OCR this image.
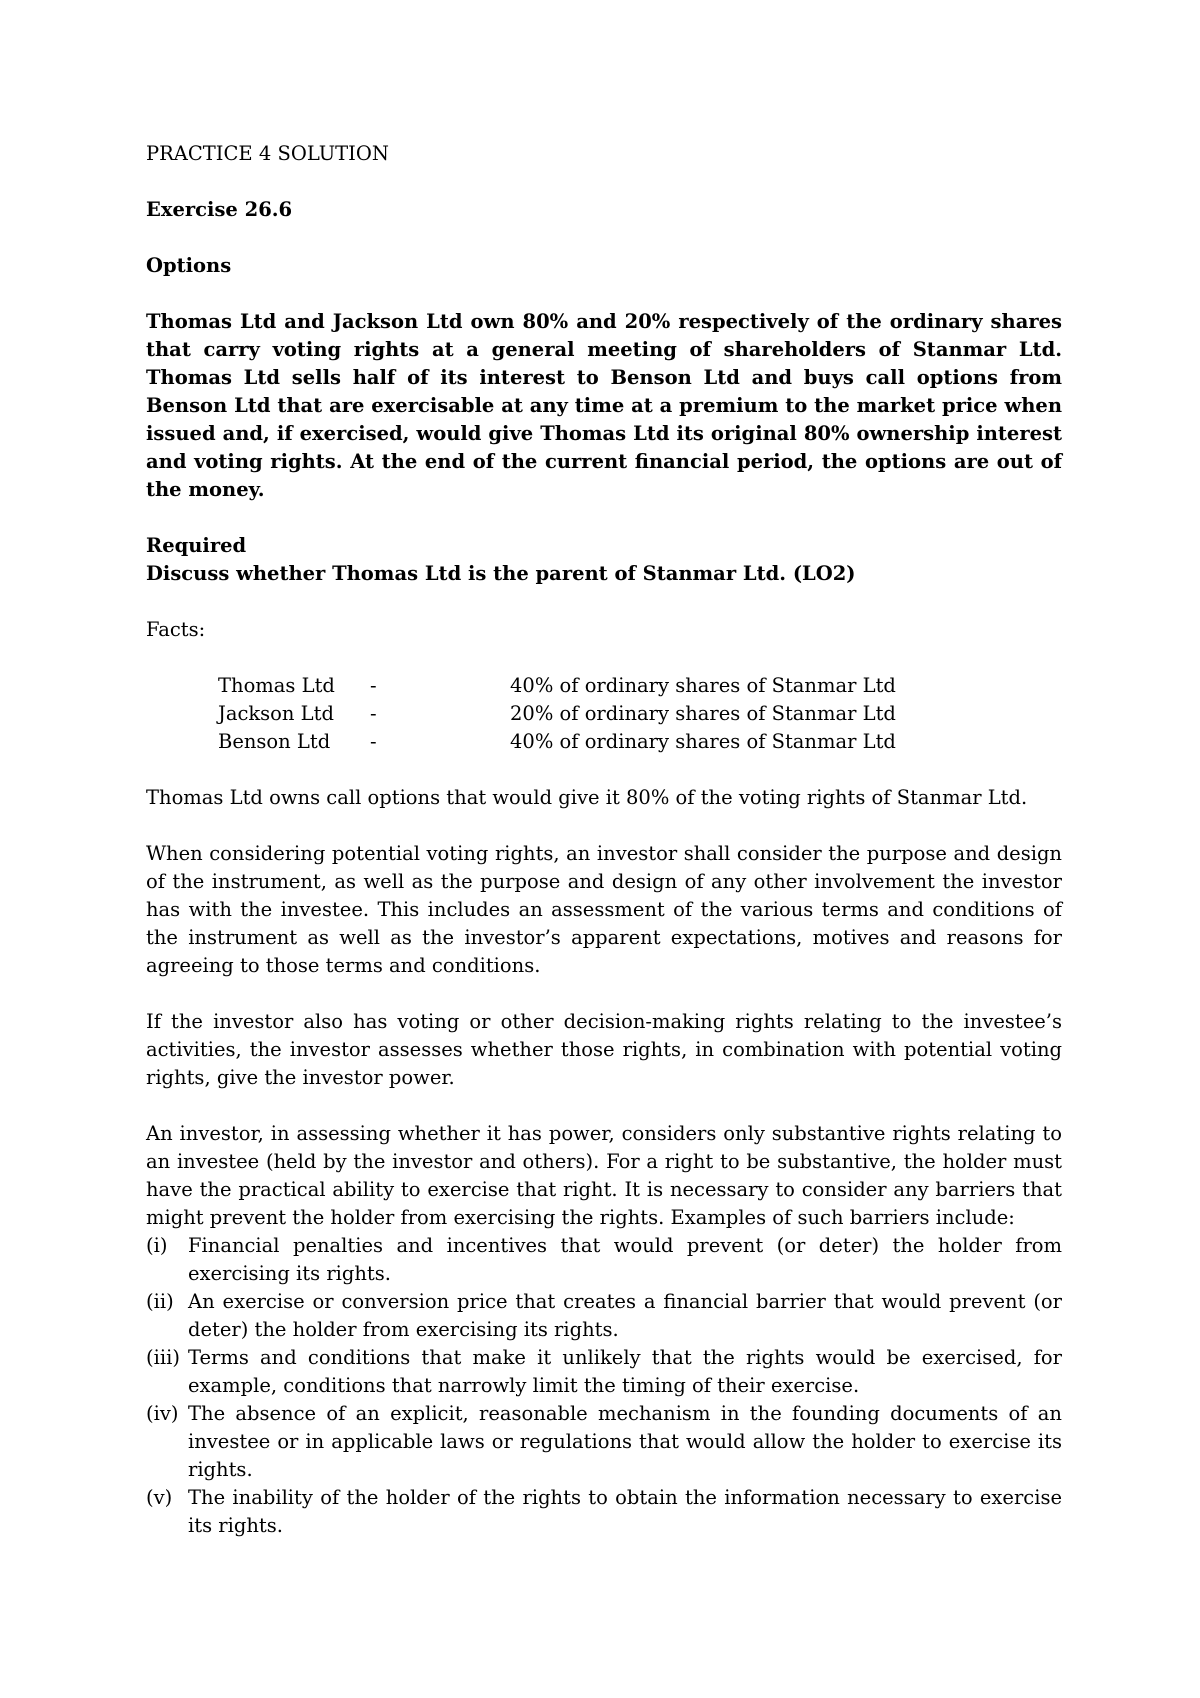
PRACTICE 4 SOLUTION
Exercise 26.6
Options
Thomas Ltd and Jackson Ltd own 80% and 20% respectively of the ordinary shares that carry voting rights at a general meeting of shareholders of Stanmar Ltd. Thomas Ltd sells half of its interest to Benson Ltd and buys call options from Benson Ltd that are exercisable at any time at a premium to the market price when issued and, if exercised, would give Thomas Ltd its original 80% ownership interest and voting rights. At the end of the current financial period, the options are out of the money.
Required
Discuss whether Thomas Ltd is the parent of Stanmar Ltd. (LO2)
Facts:
Thomas Ltd	-	40% of ordinary shares of Stanmar Ltd
Jackson Ltd	-	20% of ordinary shares of Stanmar Ltd
Benson Ltd	-	40% of ordinary shares of Stanmar Ltd
Thomas Ltd owns call options that would give it 80% of the voting rights of Stanmar Ltd.
When considering potential voting rights, an investor shall consider the purpose and design of the instrument, as well as the purpose and design of any other involvement the investor has with the investee. This includes an assessment of the various terms and conditions of the instrument as well as the investor’s apparent expectations, motives and reasons for agreeing to those terms and conditions.
If the investor also has voting or other decision-making rights relating to the investee’s activities, the investor assesses whether those rights, in combination with potential voting rights, give the investor power.
An investor, in assessing whether it has power, considers only substantive rights relating to an investee (held by the investor and others). For a right to be substantive, the holder must have the practical ability to exercise that right. It is necessary to consider any barriers that might prevent the holder from exercising the rights. Examples of such barriers include:
(i)	Financial penalties and incentives that would prevent (or deter) the holder from exercising its rights.
(ii) An exercise or conversion price that creates a financial barrier that would prevent (or deter) the holder from exercising its rights.
(iii) Terms and conditions that make it unlikely that the rights would be exercised, for example, conditions that narrowly limit the timing of their exercise.
(iv) The absence of an explicit, reasonable mechanism in the founding documents of an investee or in applicable laws or regulations that would allow the holder to exercise its rights.
(v) The inability of the holder of the rights to obtain the information necessary to exercise its rights.
